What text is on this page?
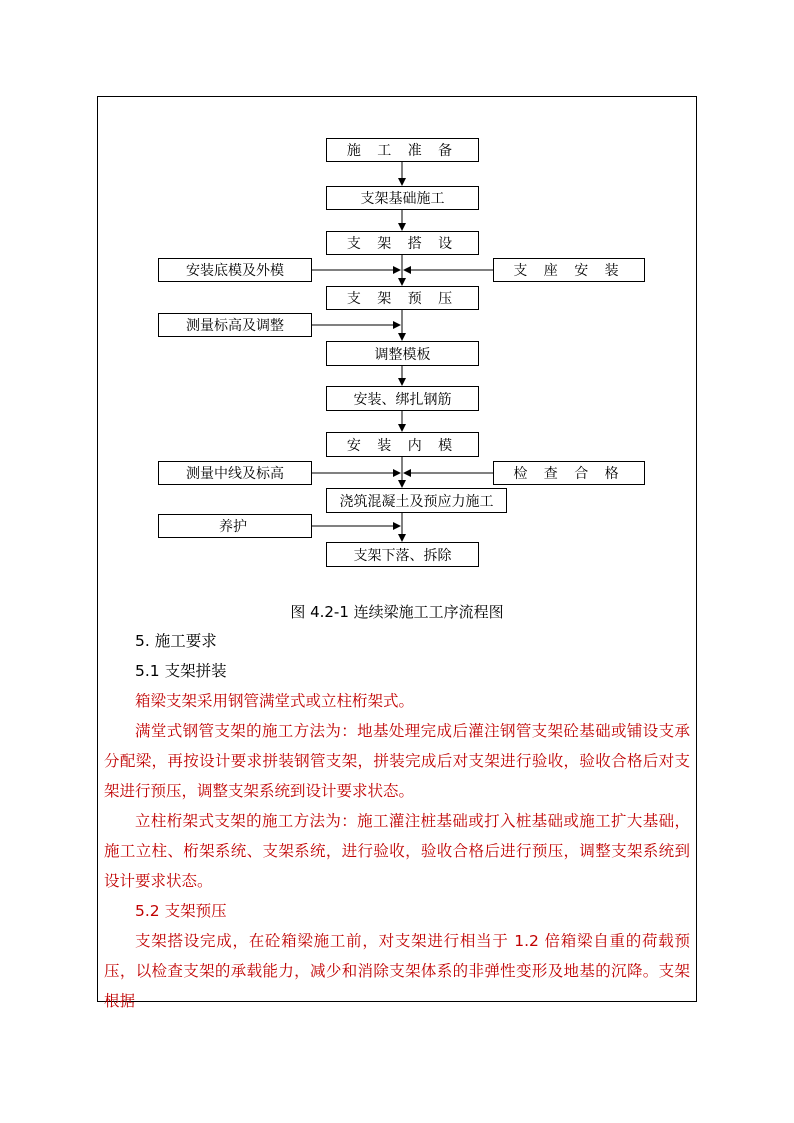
施 工 准 备
支架基础施工
支 架 搭 设
支 架 预 压
调整模板
安装、绑扎钢筋
安 装 内 模
浇筑混凝土及预应力施工
支架下落、拆除
安装底模及外模	支 座 安 装
测量标高及调整
测量中线及标高	检 查 合 格
养护
图 4.2-1 连续梁施工工序流程图

5. 施工要求

5.1 支架拼装

箱梁支架采用钢管满堂式或立柱桁架式。

满堂式钢管支架的施工方法为：地基处理完成后灌注钢管支架砼基础或铺设支承分配梁，再按设计要求拼装钢管支架，拼装完成后对支架进行验收，验收合格后对支架进行预压，调整支架系统到设计要求状态。

立柱桁架式支架的施工方法为：施工灌注桩基础或打入桩基础或施工扩大基础，施工立柱、桁架系统、支架系统，进行验收，验收合格后进行预压，调整支架系统到设计要求状态。

5.2 支架预压

支架搭设完成，在砼箱梁施工前，对支架进行相当于 1.2 倍箱梁自重的荷载预压，以检查支架的承载能力，减少和消除支架体系的非弹性变形及地基的沉降。支架根据
